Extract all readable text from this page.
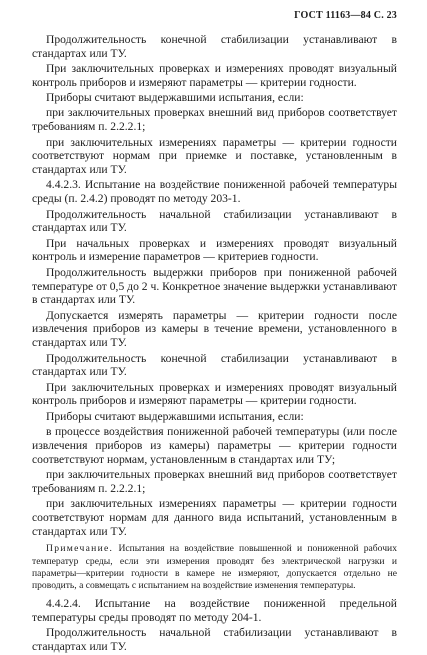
ГОСТ 11163—84 С. 23

Продолжительность конечной стабилизации устанавливают в стандартах или ТУ.

При заключительных проверках и измерениях проводят визуальный контроль приборов и измеряют параметры — критерии годности.

Приборы считают выдержавшими испытания, если:

при заключительных проверках внешний вид приборов соответствует требованиям п. 2.2.2.1;

при заключительных измерениях параметры — критерии годности соответствуют нормам при приемке и поставке, установленным в стандартах или ТУ.

4.4.2.3. Испытание на воздействие пониженной рабочей температуры среды (п. 2.4.2) проводят по методу 203-1.

Продолжительность начальной стабилизации устанавливают в стандартах или ТУ.

При начальных проверках и измерениях проводят визуальный контроль и измерение параметров — критериев годности.

Продолжительность выдержки приборов при пониженной рабочей температуре от 0,5 до 2 ч. Конкретное значение выдержки устанавливают в стандартах или ТУ.

Допускается измерять параметры — критерии годности после извлечения приборов из камеры в течение времени, установленного в стандартах или ТУ.

Продолжительность конечной стабилизации устанавливают в стандартах или ТУ.

При заключительных проверках и измерениях проводят визуальный контроль приборов и измеряют параметры — критерии годности.

Приборы считают выдержавшими испытания, если:

в процессе воздействия пониженной рабочей температуры (или после извлечения приборов из камеры) параметры — критерии годности соответствуют нормам, установленным в стандартах или ТУ;

при заключительных проверках внешний вид приборов соответствует требованиям п. 2.2.2.1;

при заключительных измерениях параметры — критерии годности соответствуют нормам для данного вида испытаний, установленным в стандартах или ТУ.

Примечание. Испытания на воздействие повышенной и пониженной рабочих температур среды, если эти измерения проводят без электрической нагрузки и параметры—критерии годности в камере не измеряют, допускается отдельно не проводить, а совмещать с испытанием на воздействие изменения температуры.

4.4.2.4. Испытание на воздействие пониженной предельной температуры среды проводят по методу 204-1.

Продолжительность начальной стабилизации устанавливают в стандартах или ТУ.
